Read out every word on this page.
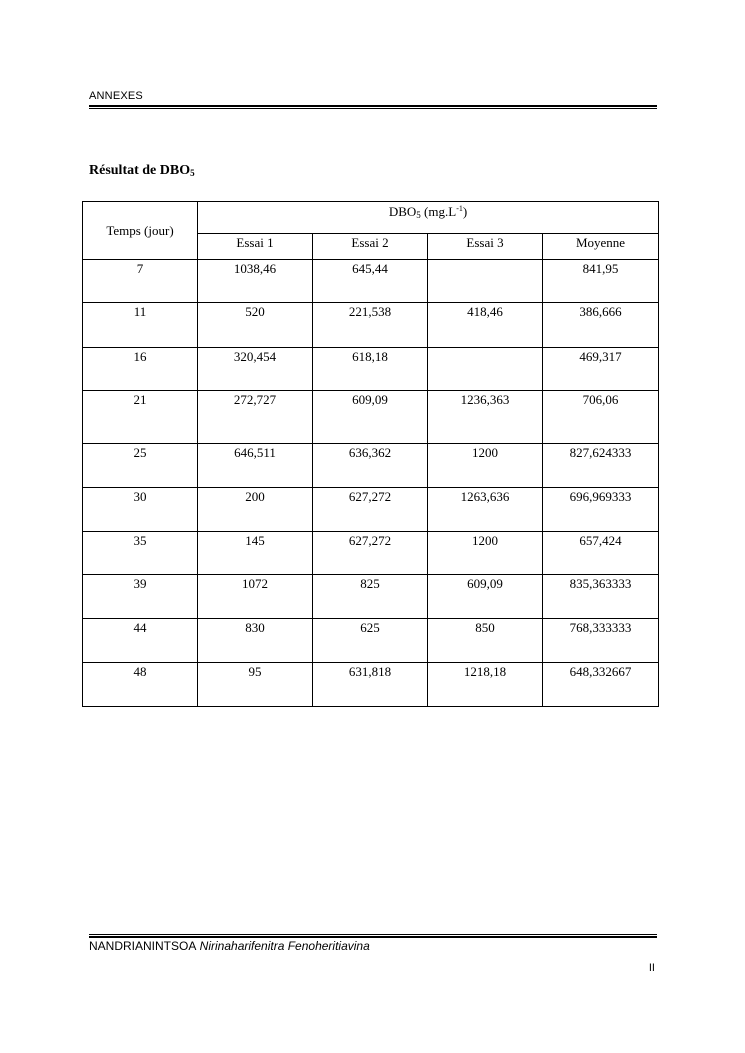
ANNEXES
Résultat de $DBO_5$
Temps (jour)	$DBO_5$ $(mg.L^{-1})$			
	Essai 1	Essai 2	Essai 3	Moyenne
7	1038,46	645,44		841,95
11	520	221,538	418,46	386,666
16	320,454	618,18		469,317
21	272,727	609,09	1236,363	706,06
25	646,511	636,362	1200	827,624333
30	200	627,272	1263,636	696,969333
35	145	627,272	1200	657,424
39	1072	825	609,09	835,363333
44	830	625	850	768,333333
48	95	631,818	1218,18	648,332667
NANDRIANINTSOA Nirinaharifenitra Fenoheritiavina
II
